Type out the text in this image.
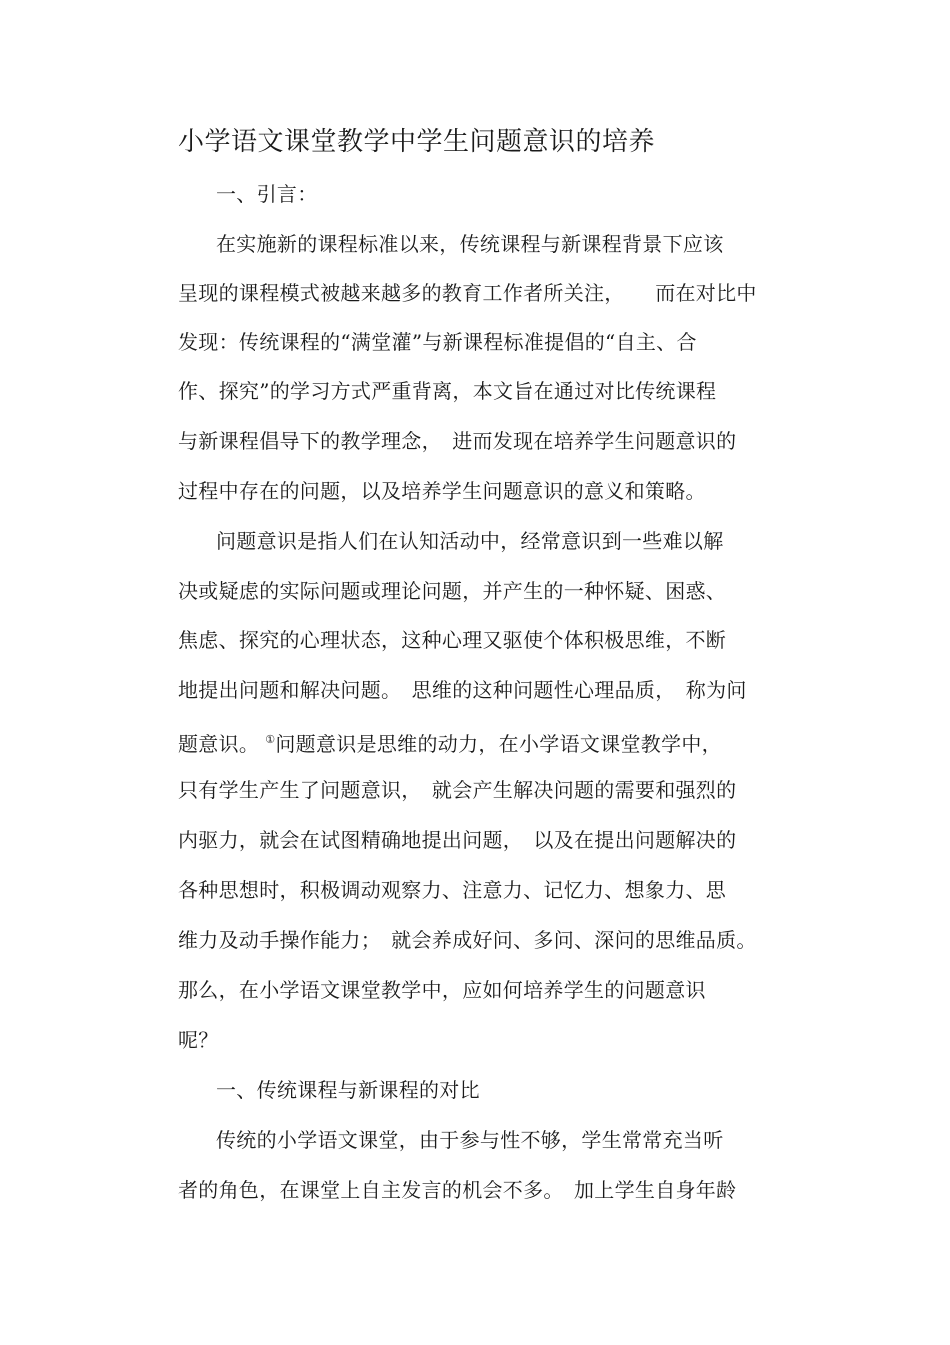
小学语文课堂教学中学生问题意识的培养
一、引言：
在实施新的课程标准以来，传统课程与新课程背景下应该
呈现的课程模式被越来越多的教育工作者所关注，　　而在对比中
发现：传统课程的“满堂灌”与新课程标准提倡的“自主、合
作、探究”的学习方式严重背离，本文旨在通过对比传统课程
与新课程倡导下的教学理念，　进而发现在培养学生问题意识的
过程中存在的问题，以及培养学生问题意识的意义和策略。
问题意识是指人们在认知活动中，经常意识到一些难以解
决或疑虑的实际问题或理论问题，并产生的一种怀疑、困惑、
焦虑、探究的心理状态，这种心理又驱使个体积极思维，不断
地提出问题和解决问题。　思维的这种问题性心理品质，　称为问
题意识。 ①问题意识是思维的动力，在小学语文课堂教学中，
只有学生产生了问题意识，　就会产生解决问题的需要和强烈的
内驱力，就会在试图精确地提出问题，　以及在提出问题解决的
各种思想时，积极调动观察力、注意力、记忆力、想象力、思
维力及动手操作能力；　就会养成好问、多问、深问的思维品质。
那么，在小学语文课堂教学中，应如何培养学生的问题意识
呢？
一、传统课程与新课程的对比
传统的小学语文课堂，由于参与性不够，学生常常充当听
者的角色，在课堂上自主发言的机会不多。　加上学生自身年龄
